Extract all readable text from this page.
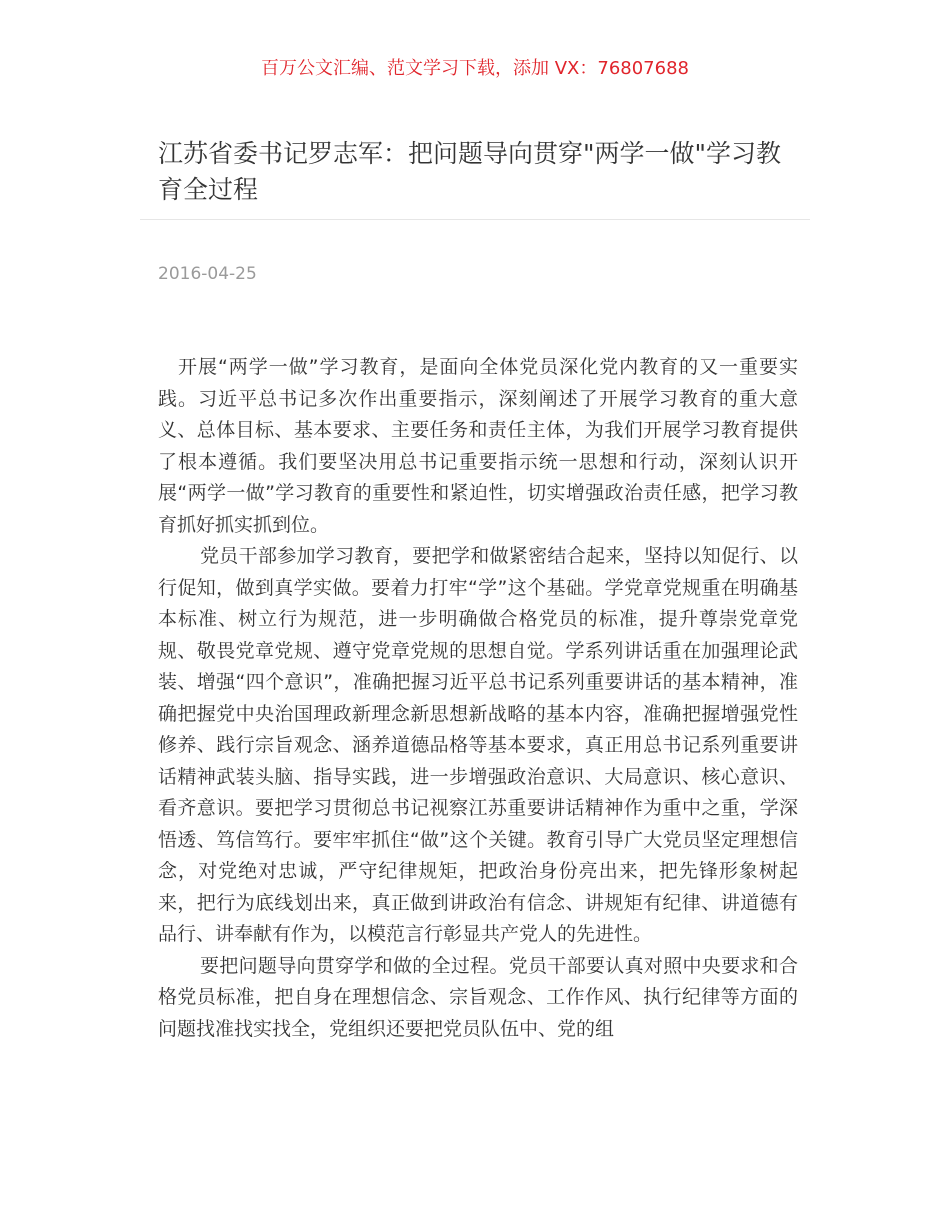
百万公文汇编、范文学习下载，添加 VX：76807688
江苏省委书记罗志军：把问题导向贯穿"两学一做"学习教育全过程
2016-04-25

开展“两学一做”学习教育，是面向全体党员深化党内教育的又一重要实践。习近平总书记多次作出重要指示，深刻阐述了开展学习教育的重大意义、总体目标、基本要求、主要任务和责任主体，为我们开展学习教育提供了根本遵循。我们要坚决用总书记重要指示统一思想和行动，深刻认识开展“两学一做”学习教育的重要性和紧迫性，切实增强政治责任感，把学习教育抓好抓实抓到位。

党员干部参加学习教育，要把学和做紧密结合起来，坚持以知促行、以行促知，做到真学实做。要着力打牢“学”这个基础。学党章党规重在明确基本标准、树立行为规范，进一步明确做合格党员的标准，提升尊崇党章党规、敬畏党章党规、遵守党章党规的思想自觉。学系列讲话重在加强理论武装、增强“四个意识”，准确把握习近平总书记系列重要讲话的基本精神，准确把握党中央治国理政新理念新思想新战略的基本内容，准确把握增强党性修养、践行宗旨观念、涵养道德品格等基本要求，真正用总书记系列重要讲话精神武装头脑、指导实践，进一步增强政治意识、大局意识、核心意识、看齐意识。要把学习贯彻总书记视察江苏重要讲话精神作为重中之重，学深悟透、笃信笃行。要牢牢抓住“做”这个关键。教育引导广大党员坚定理想信念，对党绝对忠诚，严守纪律规矩，把政治身份亮出来，把先锋形象树起来，把行为底线划出来，真正做到讲政治有信念、讲规矩有纪律、讲道德有品行、讲奉献有作为，以模范言行彰显共产党人的先进性。

要把问题导向贯穿学和做的全过程。党员干部要认真对照中央要求和合格党员标准，把自身在理想信念、宗旨观念、工作作风、执行纪律等方面的问题找准找实找全，党组织还要把党员队伍中、党的组
